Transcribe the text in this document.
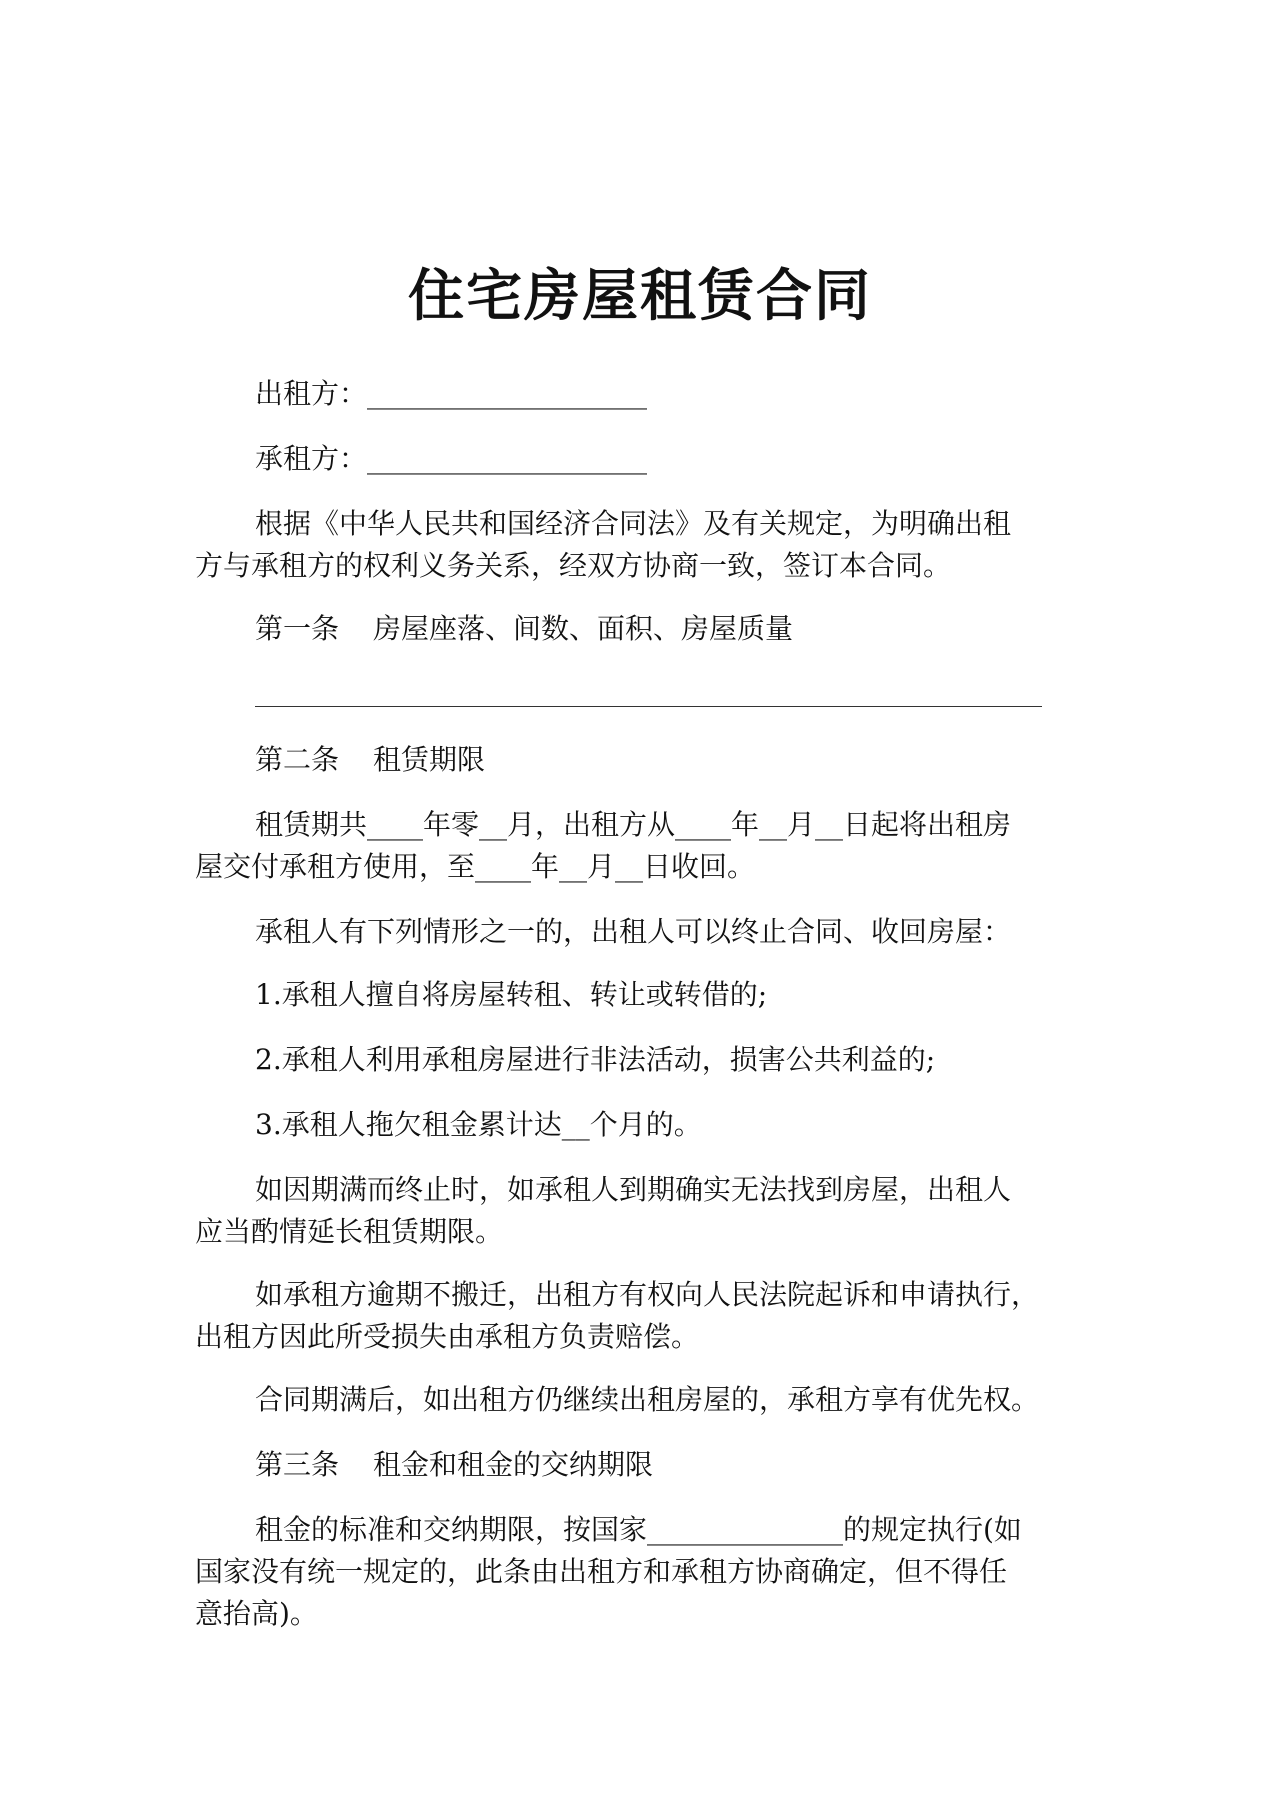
住宅房屋租赁合同
出租方：____________________
承租方：____________________
根据《中华人民共和国经济合同法》及有关规定，为明确出租
方与承租方的权利义务关系，经双方协商一致，签订本合同。
第一条 房屋座落、间数、面积、房屋质量
第二条 租赁期限
租赁期共____年零__月，出租方从____年__月__日起将出租房
屋交付承租方使用，至____年__月__日收回。
承租人有下列情形之一的，出租人可以终止合同、收回房屋：
1.承租人擅自将房屋转租、转让或转借的;
2.承租人利用承租房屋进行非法活动，损害公共利益的;
3.承租人拖欠租金累计达__个月的。
如因期满而终止时，如承租人到期确实无法找到房屋，出租人
应当酌情延长租赁期限。
如承租方逾期不搬迁，出租方有权向人民法院起诉和申请执行，
出租方因此所受损失由承租方负责赔偿。
合同期满后，如出租方仍继续出租房屋的，承租方享有优先权。
第三条 租金和租金的交纳期限
租金的标准和交纳期限，按国家______________的规定执行(如
国家没有统一规定的，此条由出租方和承租方协商确定，但不得任
意抬高)。
